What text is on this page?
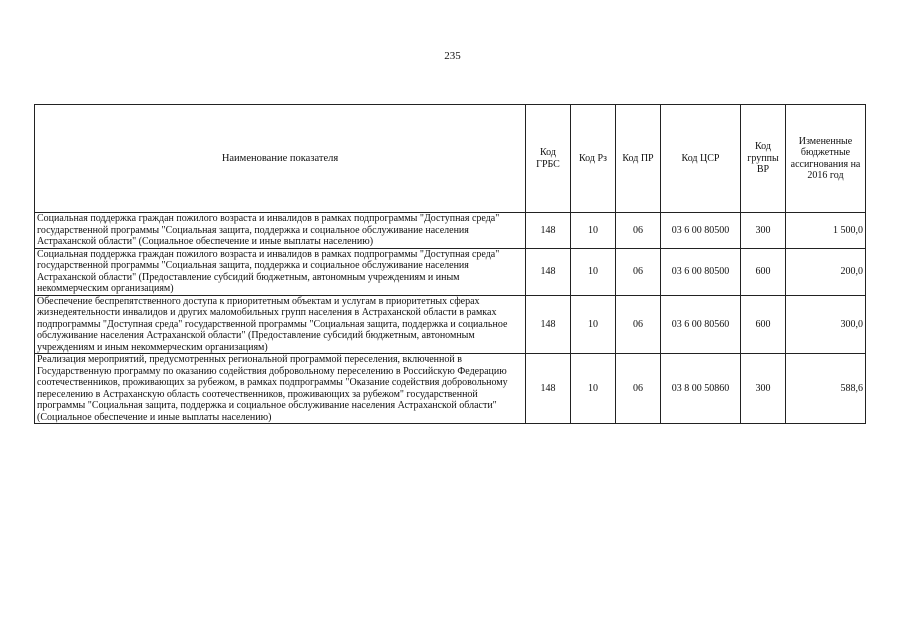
235
Наименование показателя	Код ГРБС	Код Рз	Код ПР	Код ЦСР	Код группы ВР	Измененные бюджетные ассигнования на 2016 год
Социальная поддержка граждан пожилого возраста и инвалидов в рамках подпрограммы "Доступная среда" государственной программы "Социальная защита, поддержка и социальное обслуживание населения Астраханской области" (Социальное обеспечение и иные выплаты населению)	148	10	06	03 6 00 80500	300	1 500,0
Социальная поддержка граждан пожилого возраста и инвалидов в рамках подпрограммы "Доступная среда" государственной программы "Социальная защита, поддержка и социальное обслуживание населения Астраханской области" (Предоставление субсидий бюджетным, автономным учреждениям и иным некоммерческим организациям)	148	10	06	03 6 00 80500	600	200,0
Обеспечение беспрепятственного доступа к приоритетным объектам и услугам в приоритетных сферах жизнедеятельности инвалидов и других маломобильных групп населения в Астраханской области в рамках подпрограммы "Доступная среда" государственной программы "Социальная защита, поддержка и социальное обслуживание населения Астраханской области" (Предоставление субсидий бюджетным, автономным учреждениям и иным некоммерческим организациям)	148	10	06	03 6 00 80560	600	300,0
Реализация мероприятий, предусмотренных региональной программой переселения, включенной в Государственную программу по оказанию содействия добровольному переселению в Российскую Федерацию соотечественников, проживающих за рубежом, в рамках подпрограммы "Оказание содействия добровольному переселению в Астраханскую область соотечественников, проживающих за рубежом" государственной программы "Социальная защита, поддержка и социальное обслуживание населения Астраханской области" (Социальное обеспечение и иные выплаты населению)	148	10	06	03 8 00 50860	300	588,6
